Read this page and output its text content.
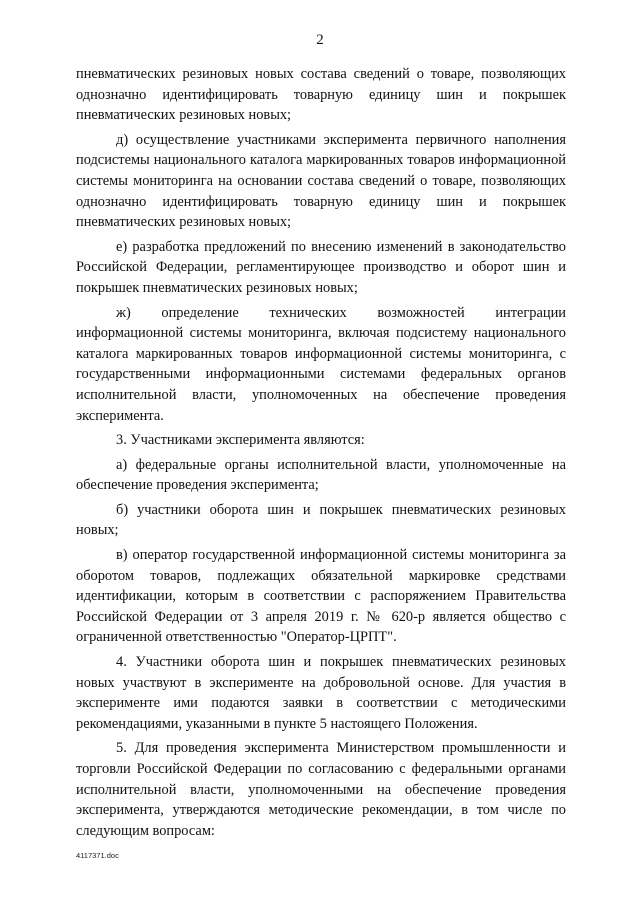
2

пневматических резиновых новых состава сведений о товаре, позволяющих однозначно идентифицировать товарную единицу шин и покрышек пневматических резиновых новых;

д) осуществление участниками эксперимента первичного наполнения подсистемы национального каталога маркированных товаров информационной системы мониторинга на основании состава сведений о товаре, позволяющих однозначно идентифицировать товарную единицу шин и покрышек пневматических резиновых новых;

е) разработка предложений по внесению изменений в законодательство Российской Федерации, регламентирующее производство и оборот шин и покрышек пневматических резиновых новых;

ж) определение технических возможностей интеграции информационной системы мониторинга, включая подсистему национального каталога маркированных товаров информационной системы мониторинга, с государственными информационными системами федеральных органов исполнительной власти, уполномоченных на обеспечение проведения эксперимента.

3. Участниками эксперимента являются:

а) федеральные органы исполнительной власти, уполномоченные на обеспечение проведения эксперимента;

б) участники оборота шин и покрышек пневматических резиновых новых;

в) оператор государственной информационной системы мониторинга за оборотом товаров, подлежащих обязательной маркировке средствами идентификации, которым в соответствии с распоряжением Правительства Российской Федерации от 3 апреля 2019 г. № 620-р является общество с ограниченной ответственностью "Оператор-ЦРПТ".

4. Участники оборота шин и покрышек пневматических резиновых новых участвуют в эксперименте на добровольной основе. Для участия в эксперименте ими подаются заявки в соответствии с методическими рекомендациями, указанными в пункте 5 настоящего Положения.

5. Для проведения эксперимента Министерством промышленности и торговли Российской Федерации по согласованию с федеральными органами исполнительной власти, уполномоченными на обеспечение проведения эксперимента, утверждаются методические рекомендации, в том числе по следующим вопросам:

4117371.doc
